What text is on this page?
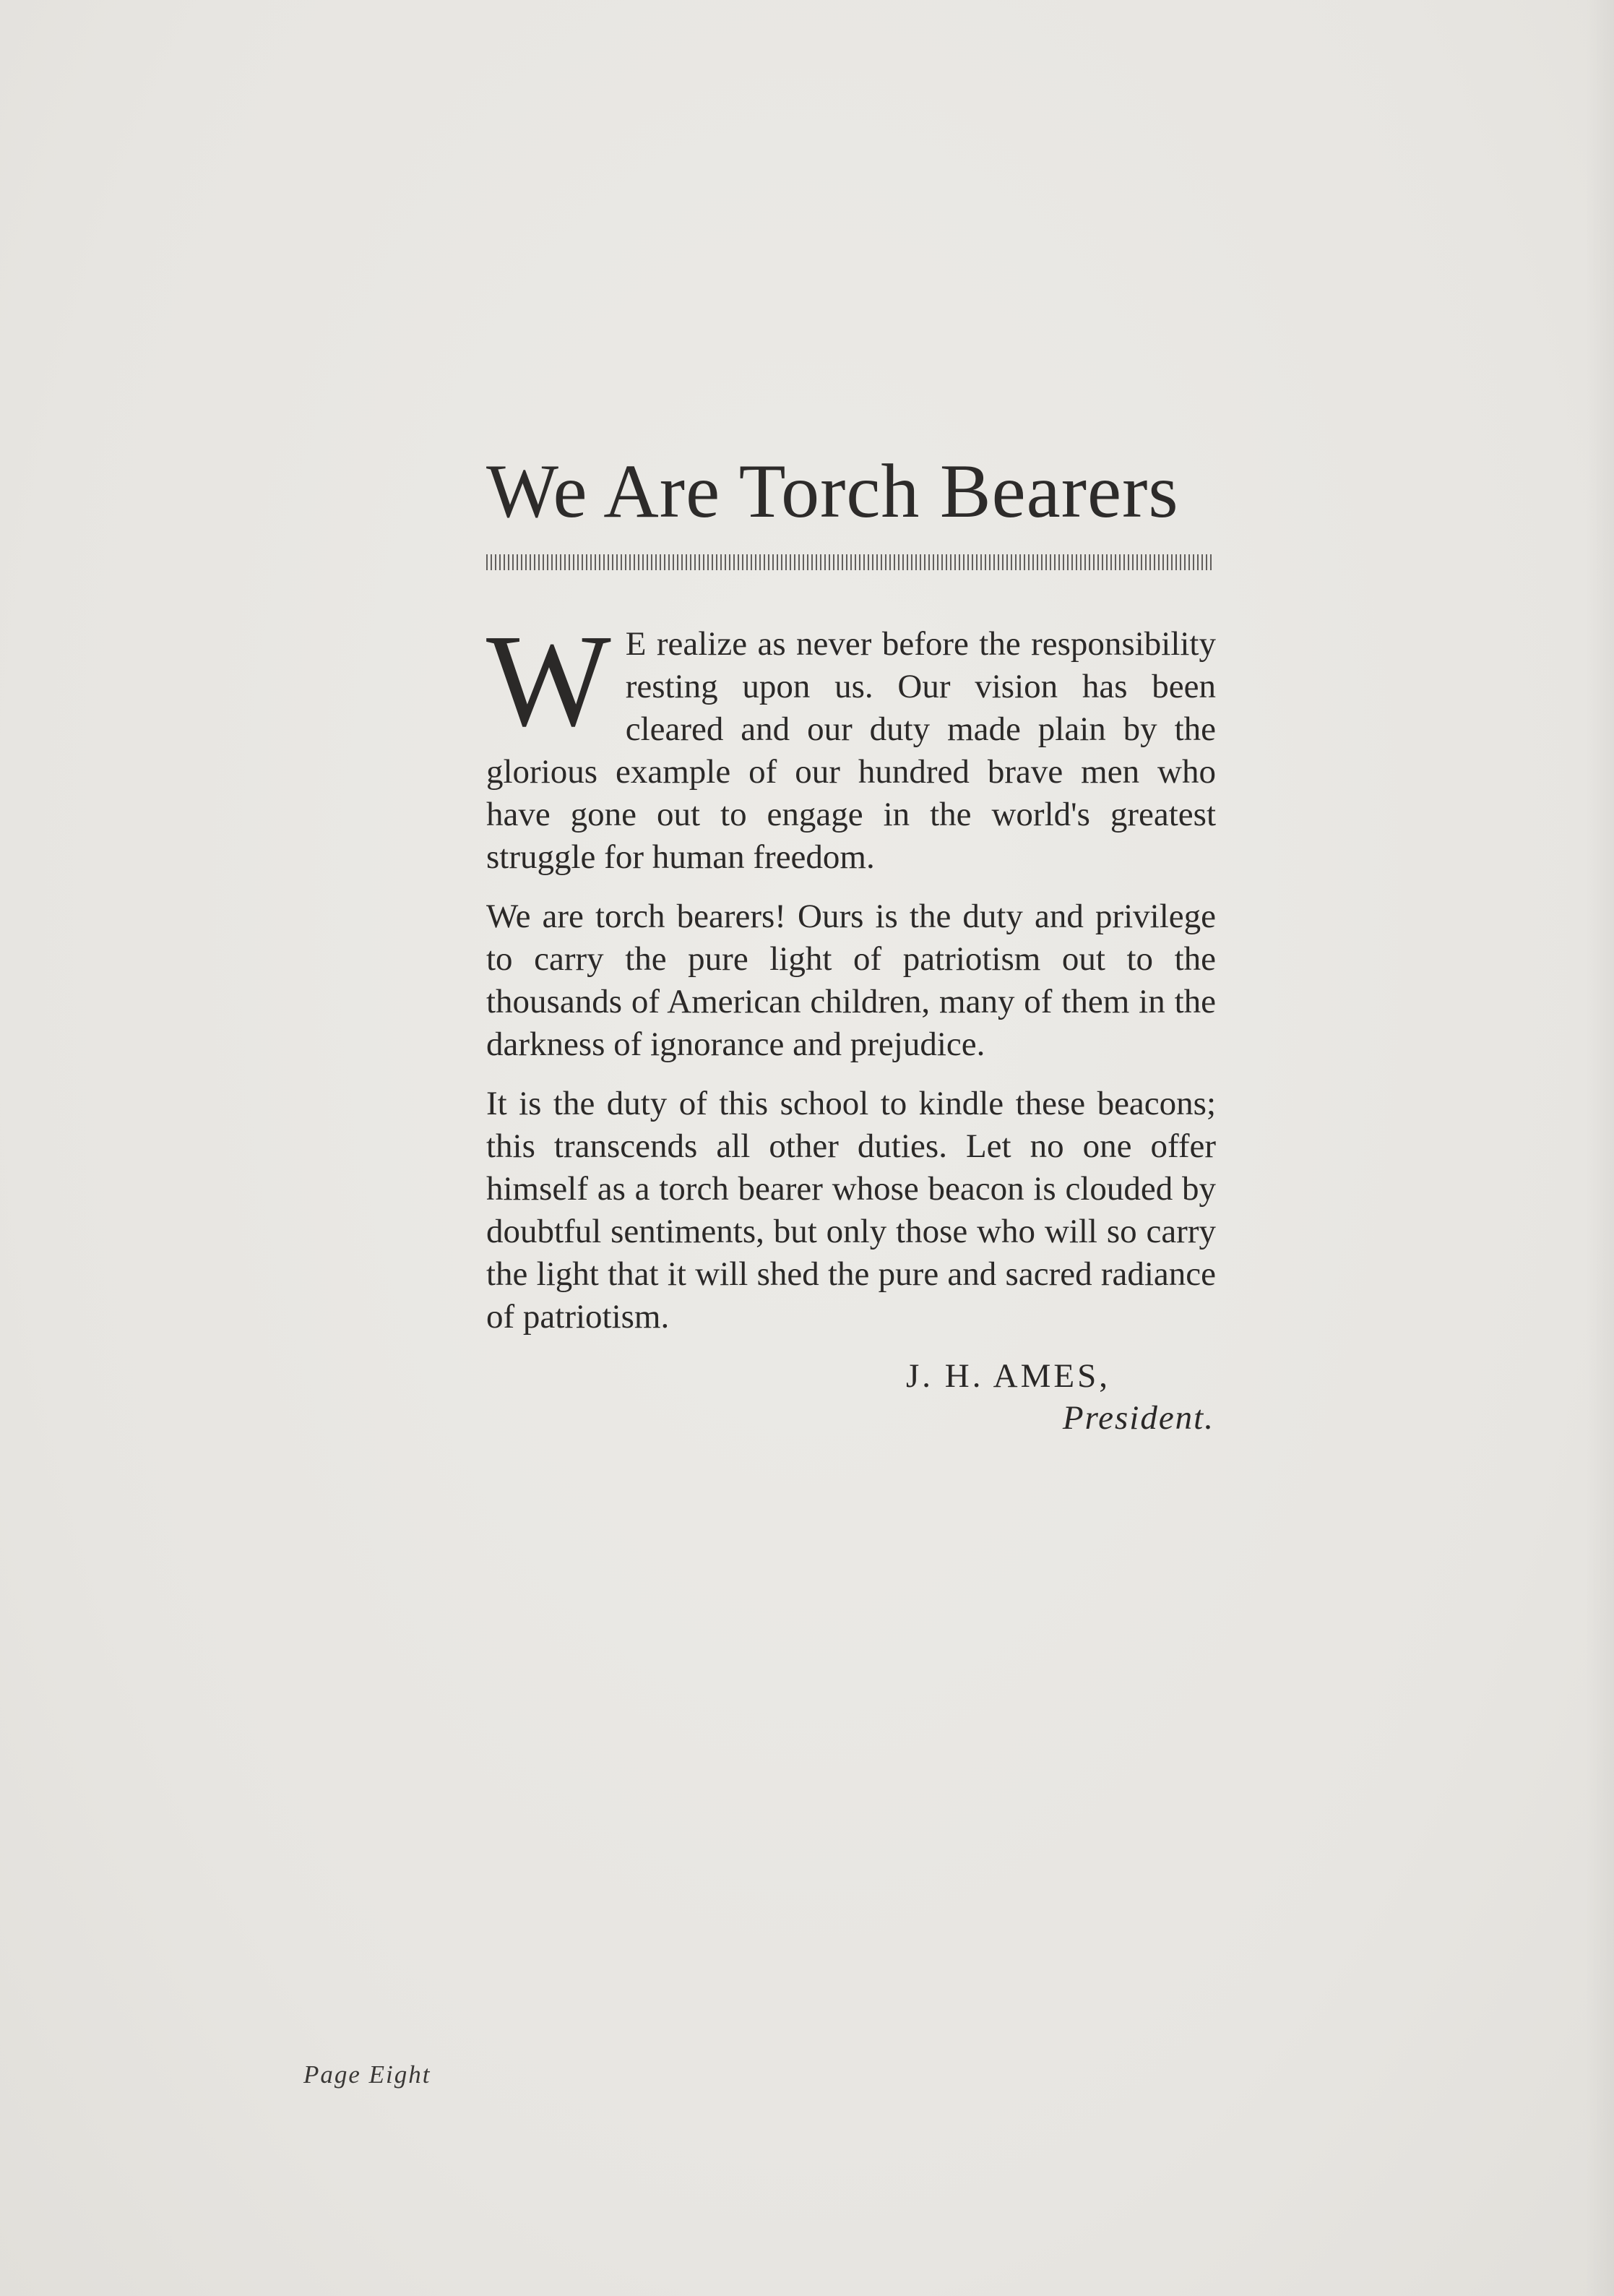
We Are Torch Bearers

W E realize as never before the responsibility resting upon us. Our vision has been cleared and our duty made plain by the glorious example of our hundred brave men who have gone out to engage in the world's greatest struggle for human freedom.

We are torch bearers! Ours is the duty and privilege to carry the pure light of patriotism out to the thousands of American children, many of them in the darkness of ignorance and prejudice.

It is the duty of this school to kindle these beacons; this transcends all other duties. Let no one offer himself as a torch bearer whose beacon is clouded by doubtful sentiments, but only those who will so carry the light that it will shed the pure and sacred radiance of patriotism.

J. H. AMES,
President.
Page Eight
